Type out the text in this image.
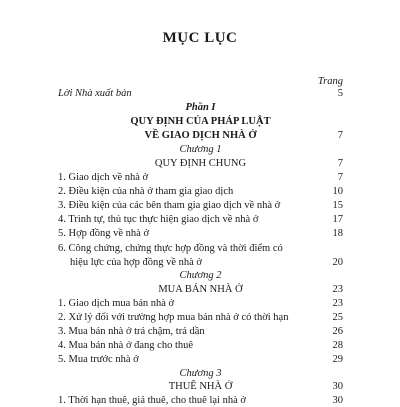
MỤC LỤC
Trang
Lời Nhà xuất bản	5
Phần I
QUY ĐỊNH CỦA PHÁP LUẬT
VỀ GIAO DỊCH NHÀ Ở	7
Chương 1
QUY ĐỊNH CHUNG	7
1. Giao dịch về nhà ở	7
2. Điều kiện của nhà ở tham gia giao dịch	10
3. Điều kiện của các bên tham gia giao dịch về nhà ở	15
4. Trình tự, thủ tục thực hiện giao dịch về nhà ở	17
5. Hợp đồng về nhà ở	18
6. Công chứng, chứng thực hợp đồng và thời điểm có
hiệu lực của hợp đồng về nhà ở	20
Chương 2
MUA BÁN NHÀ Ở	23
1. Giao dịch mua bán nhà ở	23
2. Xử lý đối với trường hợp mua bán nhà ở có thời hạn	25
3. Mua bán nhà ở trả chậm, trả dần	26
4. Mua bán nhà ở đang cho thuê	28
5. Mua trước nhà ở	29
Chương 3
THUÊ NHÀ Ở	30
1. Thời hạn thuê, giá thuê, cho thuê lại nhà ở	30
